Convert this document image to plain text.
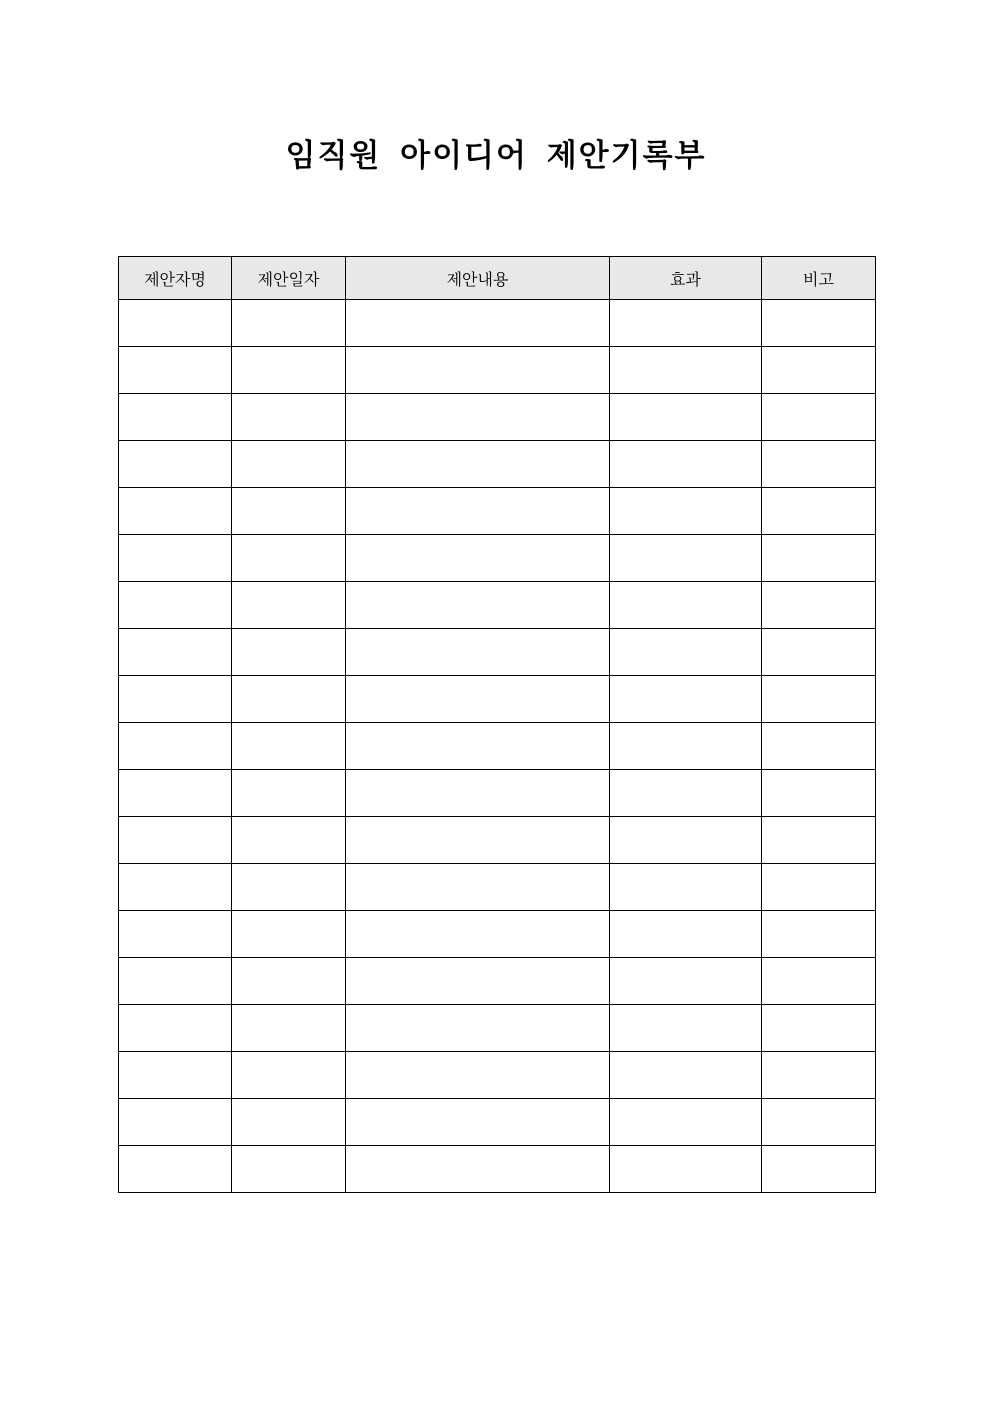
임직원 아이디어 제안기록부
제안자명	제안일자	제안내용	효과	비고
